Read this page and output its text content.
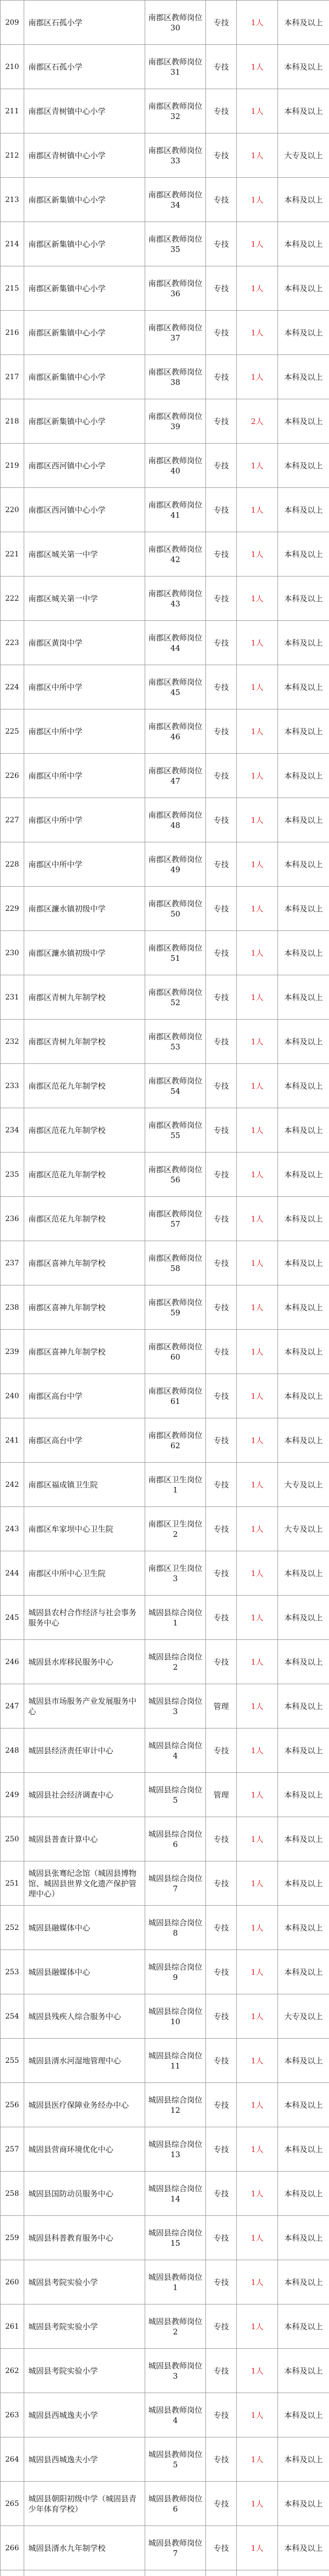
209	南郡区石孤小学	南郡区教师岗位30	专技	1人	本科及以上
210	南郡区石孤小学	南郡区教师岗位31	专技	1人	本科及以上
211	南郡区青树镇中心小学	南郡区教师岗位32	专技	1人	本科及以上
212	南郡区青树镇中心小学	南郡区教师岗位33	专技	1人	大专及以上
213	南郡区新集镇中心小学	南郡区教师岗位34	专技	1人	本科及以上
214	南郡区新集镇中心小学	南郡区教师岗位35	专技	1人	本科及以上
215	南郡区新集镇中心小学	南郡区教师岗位36	专技	1人	本科及以上
216	南郡区新集镇中心小学	南郡区教师岗位37	专技	1人	本科及以上
217	南郡区新集镇中心小学	南郡区教师岗位38	专技	1人	本科及以上
218	南郡区新集镇中心小学	南郡区教师岗位39	专技	2人	本科及以上
219	南郡区西河镇中心小学	南郡区教师岗位40	专技	1人	本科及以上
220	南郡区西河镇中心小学	南郡区教师岗位41	专技	1人	本科及以上
221	南郡区城关第一中学	南郡区教师岗位42	专技	1人	本科及以上
222	南郡区城关第一中学	南郡区教师岗位43	专技	1人	本科及以上
223	南郡区黄岗中学	南郡区教师岗位44	专技	1人	本科及以上
224	南郡区中所中学	南郡区教师岗位45	专技	1人	本科及以上
225	南郡区中所中学	南郡区教师岗位46	专技	1人	本科及以上
226	南郡区中所中学	南郡区教师岗位47	专技	1人	本科及以上
227	南郡区中所中学	南郡区教师岗位48	专技	1人	本科及以上
228	南郡区中所中学	南郡区教师岗位49	专技	1人	本科及以上
229	南郡区濂水镇初级中学	南郡区教师岗位50	专技	1人	本科及以上
230	南郡区濂水镇初级中学	南郡区教师岗位51	专技	1人	本科及以上
231	南郡区青树九年制学校	南郡区教师岗位52	专技	1人	本科及以上
232	南郡区青树九年制学校	南郡区教师岗位53	专技	1人	本科及以上
233	南郡区范花九年制学校	南郡区教师岗位54	专技	1人	本科及以上
234	南郡区范花九年制学校	南郡区教师岗位55	专技	1人	本科及以上
235	南郡区范花九年制学校	南郡区教师岗位56	专技	1人	本科及以上
236	南郡区范花九年制学校	南郡区教师岗位57	专技	1人	本科及以上
237	南郡区喜神九年制学校	南郡区教师岗位58	专技	1人	本科及以上
238	南郡区喜神九年制学校	南郡区教师岗位59	专技	1人	本科及以上
239	南郡区喜神九年制学校	南郡区教师岗位60	专技	1人	本科及以上
240	南郡区高台中学	南郡区教师岗位61	专技	1人	本科及以上
241	南郡区高台中学	南郡区教师岗位62	专技	1人	本科及以上
242	南郡区福成镇卫生院	南郡区卫生岗位1	专技	1人	大专及以上
243	南郡区牟家坝中心卫生院	南郡区卫生岗位2	专技	1人	大专及以上
244	南郡区中所中心卫生院	南郡区卫生岗位3	专技	1人	本科及以上
245	城固县农村合作经济与社会事务服务中心	城固县综合岗位1	专技	1人	本科及以上
246	城固县水库移民服务中心	城固县综合岗位2	专技	1人	本科及以上
247	城固县市场服务产业发展服务中心	城固县综合岗位3	管理	1人	本科及以上
248	城固县经济责任审计中心	城固县综合岗位4	专技	1人	本科及以上
249	城固县社会经济调查中心	城固县综合岗位5	管理	1人	本科及以上
250	城固县普查计算中心	城固县综合岗位6	专技	1人	本科及以上
251	城固县张骞纪念馆（城固县博物馆、城固县世界文化遗产保护管理中心）	城固县综合岗位7	专技	1人	本科及以上
252	城固县融媒体中心	城固县综合岗位8	专技	1人	本科及以上
253	城固县融媒体中心	城固县综合岗位9	专技	1人	本科及以上
254	城固县残疾人综合服务中心	城固县综合岗位10	专技	1人	大专及以上
255	城固县湑水河湿地管理中心	城固县综合岗位11	专技	1人	本科及以上
256	城固县医疗保障业务经办中心	城固县综合岗位12	专技	1人	本科及以上
257	城固县营商环境优化中心	城固县综合岗位13	专技	1人	本科及以上
258	城固县国防动员服务中心	城固县综合岗位14	专技	1人	本科及以上
259	城固县科普教育服务中心	城固县综合岗位15	专技	1人	本科及以上
260	城固县考院实验小学	城固县教师岗位1	专技	1人	本科及以上
261	城固县考院实验小学	城固县教师岗位2	专技	1人	本科及以上
262	城固县考院实验小学	城固县教师岗位3	专技	1人	本科及以上
263	城固县西城逸夫小学	城固县教师岗位4	专技	1人	本科及以上
264	城固县西城逸夫小学	城固县教师岗位5	专技	1人	本科及以上
265	城固县朝阳初级中学（城固县青少年体育学校）	城固县教师岗位6	专技	1人	本科及以上
266	城固县湑水九年制学校	城固县教师岗位7	专技	1人	本科及以上
